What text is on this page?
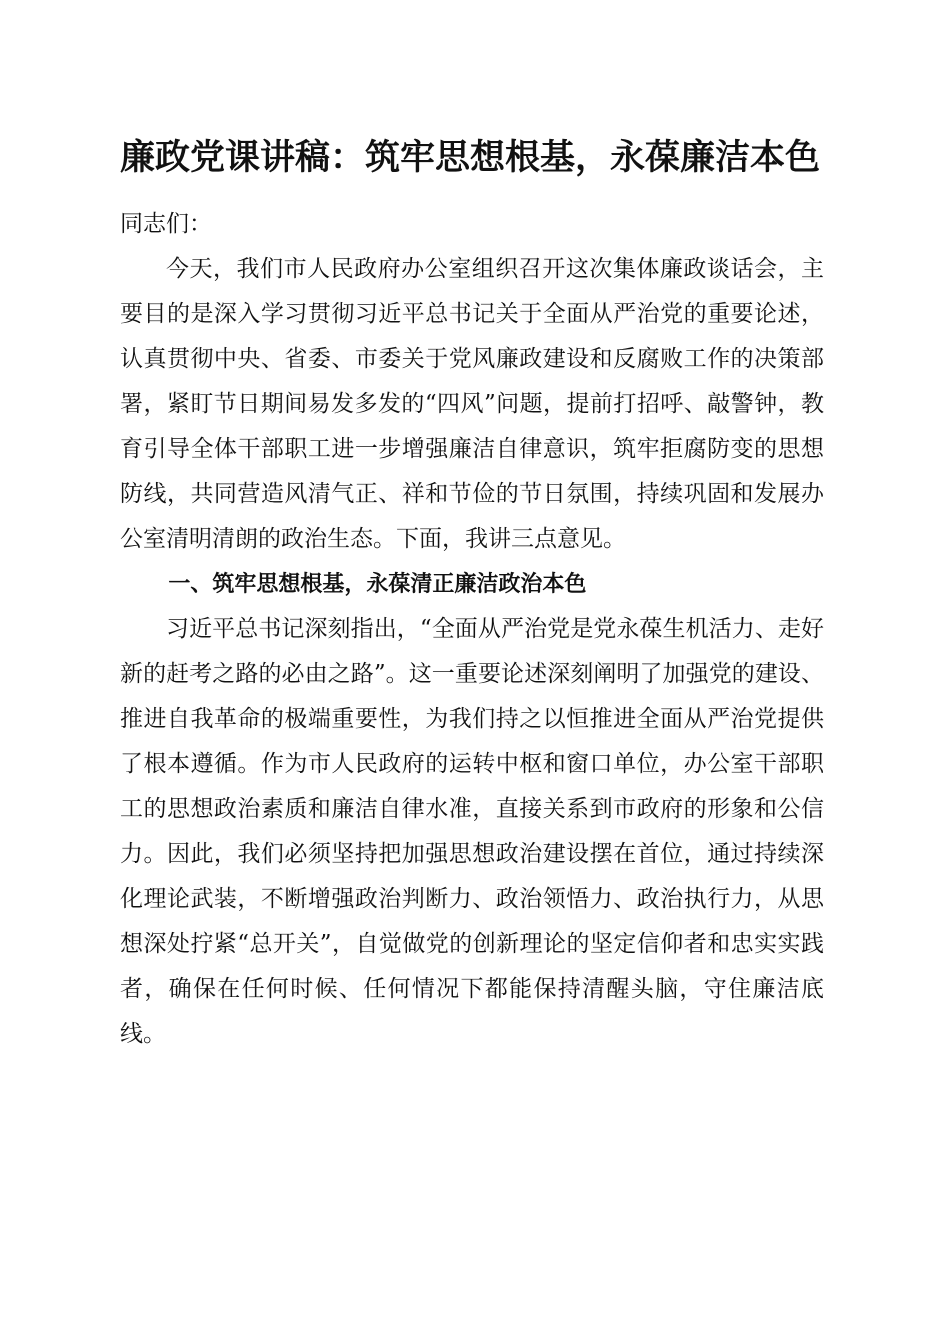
廉政党课讲稿：筑牢思想根基，永葆廉洁本色

同志们：

今天，我们市人民政府办公室组织召开这次集体廉政谈话会，主要目的是深入学习贯彻习近平总书记关于全面从严治党的重要论述，认真贯彻中央、省委、市委关于党风廉政建设和反腐败工作的决策部署，紧盯节日期间易发多发的“四风”问题，提前打招呼、敲警钟，教育引导全体干部职工进一步增强廉洁自律意识，筑牢拒腐防变的思想防线，共同营造风清气正、祥和节俭的节日氛围，持续巩固和发展办公室清明清朗的政治生态。下面，我讲三点意见。

一、筑牢思想根基，永葆清正廉洁政治本色

习近平总书记深刻指出，“全面从严治党是党永葆生机活力、走好新的赶考之路的必由之路”。这一重要论述深刻阐明了加强党的建设、推进自我革命的极端重要性，为我们持之以恒推进全面从严治党提供了根本遵循。作为市人民政府的运转中枢和窗口单位，办公室干部职工的思想政治素质和廉洁自律水准，直接关系到市政府的形象和公信力。因此，我们必须坚持把加强思想政治建设摆在首位，通过持续深化理论武装，不断增强政治判断力、政治领悟力、政治执行力，从思想深处拧紧“总开关”，自觉做党的创新理论的坚定信仰者和忠实实践者，确保在任何时候、任何情况下都能保持清醒头脑，守住廉洁底线。
